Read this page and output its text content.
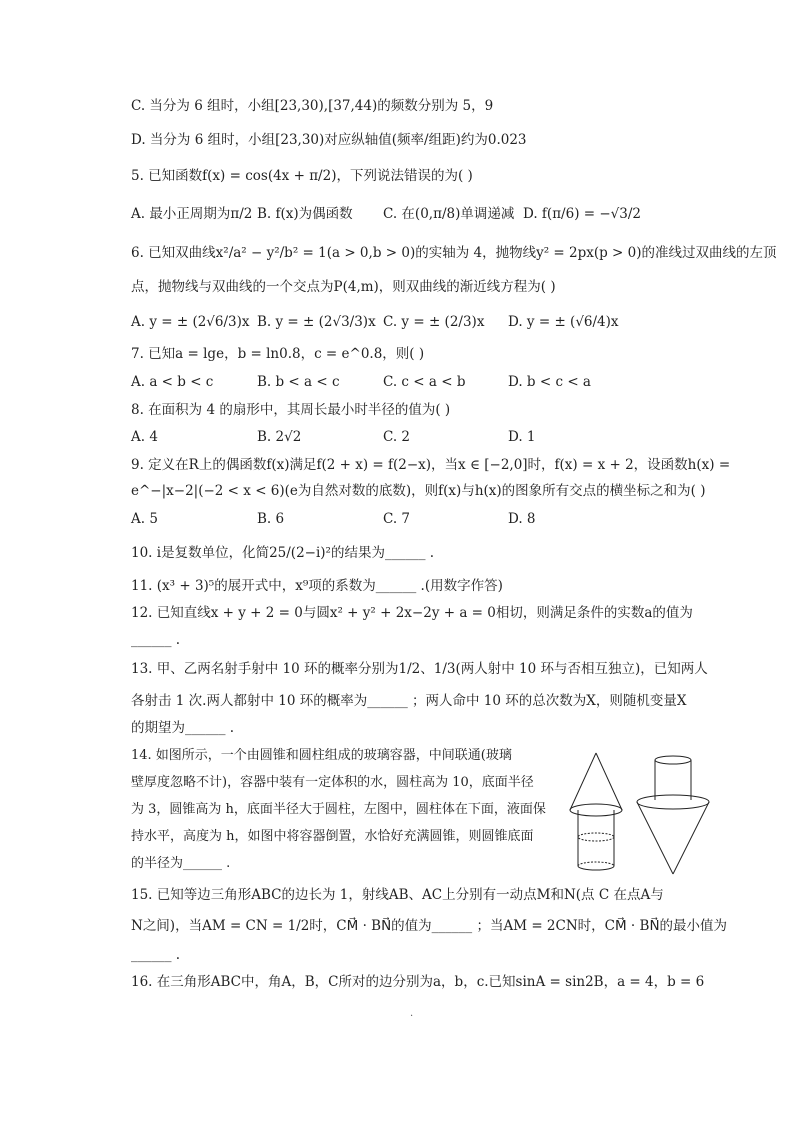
C. 当分为 6 组时，小组[23,30),[37,44)的频数分别为 5，9
D. 当分为 6 组时，小组[23,30)对应纵轴值(频率/组距)约为0.023
5. 已知函数f(x) = cos(4x + π/2)，下列说法错误的为( )
A. 最小正周期为π/2 B. f(x)为偶函数 C. 在(0,π/8)单调递减 D. f(π/6) = −√3/2
6. 已知双曲线x²/a² − y²/b² = 1(a > 0,b > 0)的实轴为 4，抛物线y² = 2px(p > 0)的准线过双曲线的左顶
点，抛物线与双曲线的一个交点为P(4,m)，则双曲线的渐近线方程为( )
A. y = ± (2√6/3)x B. y = ± (2√3/3)x C. y = ± (2/3)x D. y = ± (√6/4)x
7. 已知a = lge，b = ln0.8，c = e^0.8，则( )
A. a < b < c	B. b < a < c	C. c < a < b	D. b < c < a
8. 在面积为 4 的扇形中，其周长最小时半径的值为( )
A. 4	B. 2√2	C. 2	D. 1
9. 定义在R上的偶函数f(x)满足f(2 + x) = f(2−x)，当x ∈ [−2,0]时，f(x) = x + 2，设函数h(x) =
e^−|x−2|(−2 < x < 6)(e为自然对数的底数)，则f(x)与h(x)的图象所有交点的横坐标之和为( )
A. 5	B. 6	C. 7	D. 8
10. i是复数单位，化简25/(2−i)²的结果为______ .
11. (x³ + 3)⁵的展开式中，x⁹项的系数为______ .(用数字作答)
12. 已知直线x + y + 2 = 0与圆x² + y² + 2x−2y + a = 0相切，则满足条件的实数a的值为
______ .
13. 甲、乙两名射手射中 10 环的概率分别为1/2、1/3(两人射中 10 环与否相互独立)，已知两人
各射击 1 次.两人都射中 10 环的概率为______ ；两人命中 10 环的总次数为X，则随机变量X
的期望为______ .
14. 如图所示，一个由圆锥和圆柱组成的玻璃容器，中间联通(玻璃
壁厚度忽略不计)，容器中装有一定体积的水，圆柱高为 10，底面半径
为 3，圆锥高为 h，底面半径大于圆柱，左图中，圆柱体在下面，液面保
持水平，高度为 h，如图中将容器倒置，水恰好充满圆锥，则圆锥底面
的半径为______ .
15. 已知等边三角形ABC的边长为 1，射线AB、AC上分别有一动点M和N(点 C 在点A与
N之间)，当AM = CN = 1/2时，CM⃗ · BN⃗的值为______ ；当AM = 2CN时，CM⃗ · BN⃗的最小值为
______ .
16. 在三角形ABC中，角A，B，C所对的边分别为a，b，c.已知sinA = sin2B，a = 4，b = 6
.
